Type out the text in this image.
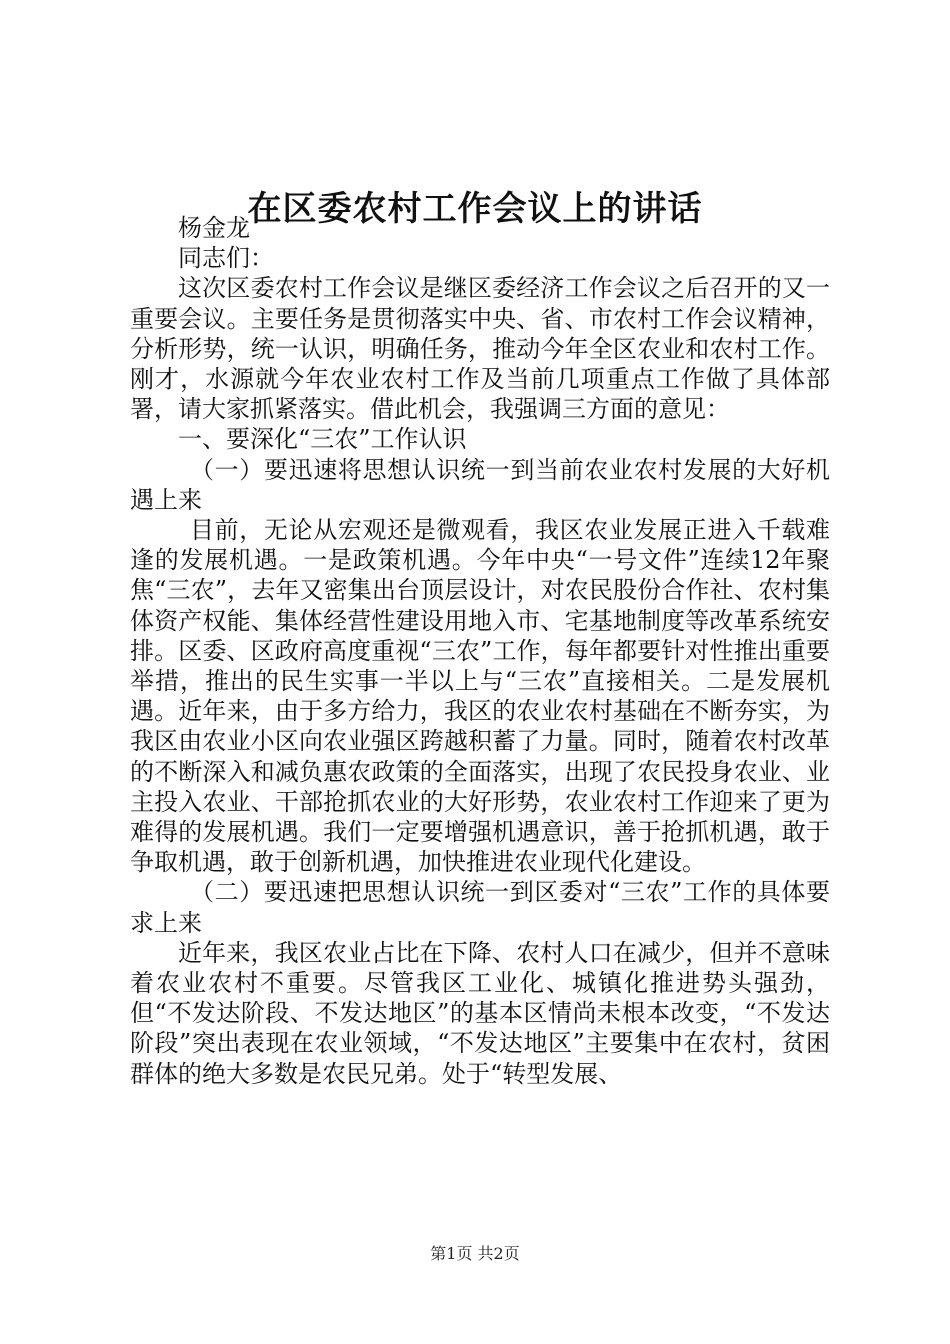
在区委农村工作会议上的讲话

杨金龙

同志们：

这次区委农村工作会议是继区委经济工作会议之后召开的又一重要会议。主要任务是贯彻落实中央、省、市农村工作会议精神，分析形势，统一认识，明确任务，推动今年全区农业和农村工作。刚才，水源就今年农业农村工作及当前几项重点工作做了具体部署，请大家抓紧落实。借此机会，我强调三方面的意见：

一、要深化“三农”工作认识

（一）要迅速将思想认识统一到当前农业农村发展的大好机遇上来

目前，无论从宏观还是微观看，我区农业发展正进入千载难逢的发展机遇。一是政策机遇。今年中央“一号文件”连续12年聚焦“三农”，去年又密集出台顶层设计，对农民股份合作社、农村集体资产权能、集体经营性建设用地入市、宅基地制度等改革系统安排。区委、区政府高度重视“三农”工作，每年都要针对性推出重要举措，推出的民生实事一半以上与“三农”直接相关。二是发展机遇。近年来，由于多方给力，我区的农业农村基础在不断夯实，为我区由农业小区向农业强区跨越积蓄了力量。同时，随着农村改革的不断深入和减负惠农政策的全面落实，出现了农民投身农业、业主投入农业、干部抢抓农业的大好形势，农业农村工作迎来了更为难得的发展机遇。我们一定要增强机遇意识，善于抢抓机遇，敢于争取机遇，敢于创新机遇，加快推进农业现代化建设。

（二）要迅速把思想认识统一到区委对“三农”工作的具体要求上来

近年来，我区农业占比在下降、农村人口在减少，但并不意味着农业农村不重要。尽管我区工业化、城镇化推进势头强劲，但“不发达阶段、不发达地区”的基本区情尚未根本改变，“不发达阶段”突出表现在农业领域，“不发达地区”主要集中在农村，贫困群体的绝大多数是农民兄弟。处于“转型发展、

第1页 共2页
